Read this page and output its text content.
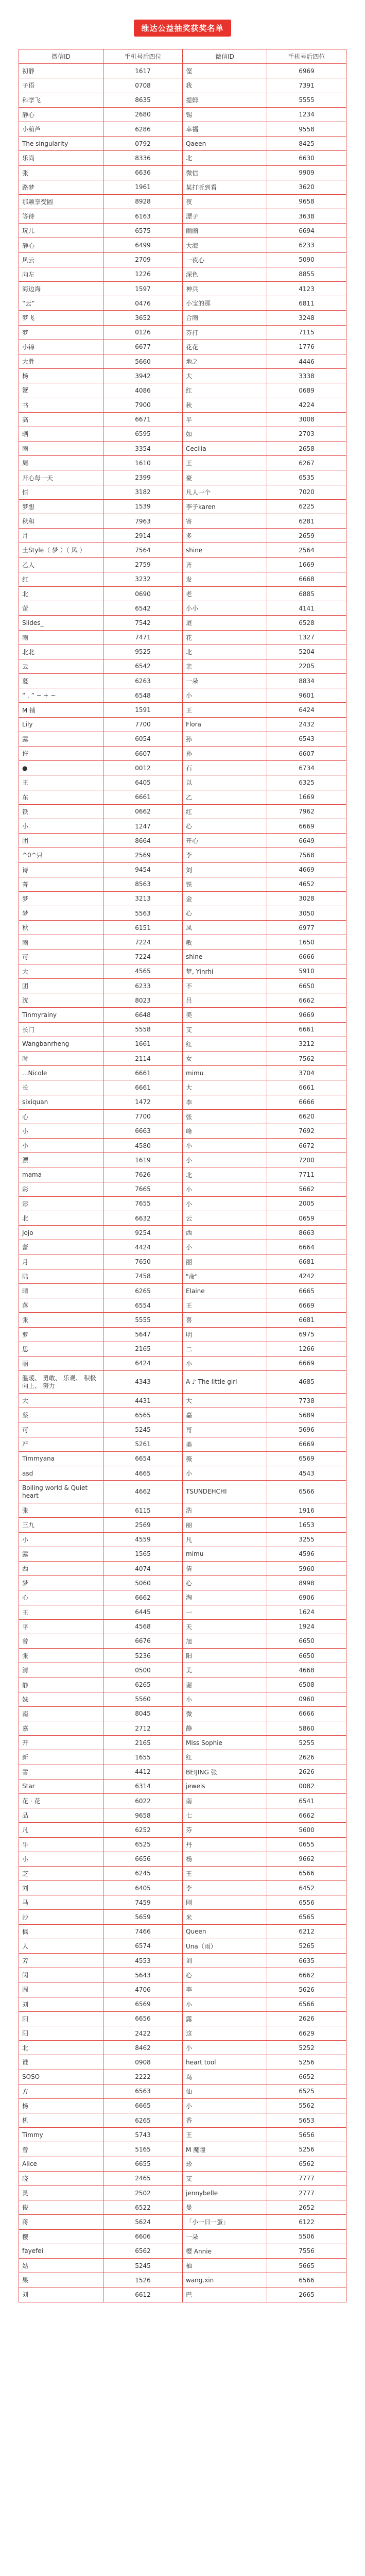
维达公益抽奖获奖名单
微信ID	手机号后四位	微信ID	手机号后四位
初静	1617	㑠	6969
子语	0708	我	7391
科学飞	8635	提姆	5555
静心	2680	锡	1234
小葫芦	6286	幸福	9558
The singularity	0792	Qaeen	8425
乐尚	8336	北	6630
张	6636	微信	9909
路梦	1961	某打听到看	3620
那颗享受圆	8928	夜	9658
等待	6163	漂子	3638
玩儿	6575	幽幽	6694
静心	6499	大海	6233
风云	2709	一夜心	5090
向左	1226	深色	8855
海边海	1597	神兵	4123
“云”	0476	小宝的那	6811
梦飞	3652	合雨	3248
梦	0126	芬打	7115
小锦	6677	花花	1776
大胜	5660	地之	4446
杨	3942	大	3338
蟹	4086	红	0689
书	7900	秋	4224
高	6671	半	3008
晒	6595	如	2703
雨	3354	Cecilia	2658
周	1610	王	6267
开心每一天	2399	豪	6535
恒	3182	凡人一个	7020
梦想	1539	李子karen	6225
秋和	7963	寄	6281
月	2914	多	2659
土Style（ 梦 ）（ 风 ）	7564	shine	2564
乙人	2759	齐	1669
红	3232	发	6668
北	0690	老	6885
萤	6542	小小	4141
Slides_	7542	道	6528
雨	7471	花	1327
北北	9525	北	5204
云	6542	亲	2205
蔓	6263	一朵	8834
“ . ” ~ + ~	6548	小	9601
M 铺	1591	王	6424
Lily	7700	Flora	2432
露	6054	孙	6543
许	6607	孙	6607
●	0012	石	6734
王	6405	以	6325
东	6661	乙	1669
铁	0662	红	7962
小	1247	心	6669
团	8664	开心	6649
^0^只	2569	李	7568
诗	9454	刘	4669
菁	8563	铁	4652
梦	3213	金	3028
梦	5563	心	3050
秋	6151	凤	6977
雨	7224	敏	1650
可	7224	shine	6666
大	4565	梦, Yinrhi	5910
团	6233	不	6650
沈	8023	吕	6662
Tinmyrainy	6648	美	9669
长门	5558	艾	6661
Wangbanrheng	1661	红	3212
时	2114	女	7562
...Nicole	6661	mimu	3704
长	6661	大	6661
sixiquan	1472	李	6666
心	7700	张	6620
小	6663	峰	7692
小	4580	小	6672
漂	1619	小	7200
mama	7626	北	7711
彩	7665	小	5662
彩	7655	小	2005
北	6632	云	0659
Jojo	9254	西	8663
蕾	4424	小	6664
月	7650	丽	6681
陆	7458	"命"	4242
晴	6265	Elaine	6665
落	6554	王	6669
张	5555	喜	6681
萝	5647	明	6975
思	2165	二	1266
丽	6424	小	6669
温暖、 勇敢、 乐观、 积极向上、 努力	4343	A ♪ The little girl	4685
大	4431	大	7738
蔡	6565	嘉	5689
可	5245	哥	5696
严	5261	美	6669
Timmyana	6654	薇	6569
asd	4665	小	4543
Boiling world & Quiet heart	4662	TSUNDEHCHI	6566
张	6115	浩	1916
三九	2569	丽	1653
小	4559	凡	3255
露	1565	mimu	4596
西	4074	倩	5960
梦	5060	心	8998
心	6662	淘	6906
王	6445	一	1624
平	4568	天	1924
曾	6676	旭	6650
张	5236	阳	6650
清	0500	美	4668
静	6265	谢	6508
妹	5560	小	0960
南	8045	微	6666
嘉	2712	静	5860
开	2165	Miss Sophie	5255
新	1655	红	2626
雪	4412	BEIJING 张	2626
Star	6314	jewels	0082
花 · 花	6022	南	6541
品	9658	七	6662
凡	6252	芬	5600
牛	6525	丹	0655
小	6656	杨	9662
芝	6245	王	6566
刘	6405	李	6452
马	7459	刚	6556
沙	5659	米	6565
枫	7466	Queen	6212
人	6574	Una（雨）	5265
芳	4553	刘	6635
闵	5643	心	6662
圆	4706	李	5626
刘	6569	小	6566
阳	6656	露	2626
阳	2422	这	6629
北	8462	小	5252
谁	0908	heart tool	5256
SOSO	2222	鸟	6652
方	6563	仙	6525
杨	6665	小	5562
机	6265	香	5653
Timmy	5743	王	5656
曾	5165	M 魔瞳	5256
Alice	6655	珍	6562
晓	2465	艾	7777
灵	2502	jennybelle	2777
俊	6522	曼	2652
蒋	5624	「小一日一蛋」	6122
樱	6606	一朵	5506
fayefei	6562	樱 Annie	7556
姑	5245	柚	5665
果	1526	wang.xin	6566
刘	6612	巴	2665
